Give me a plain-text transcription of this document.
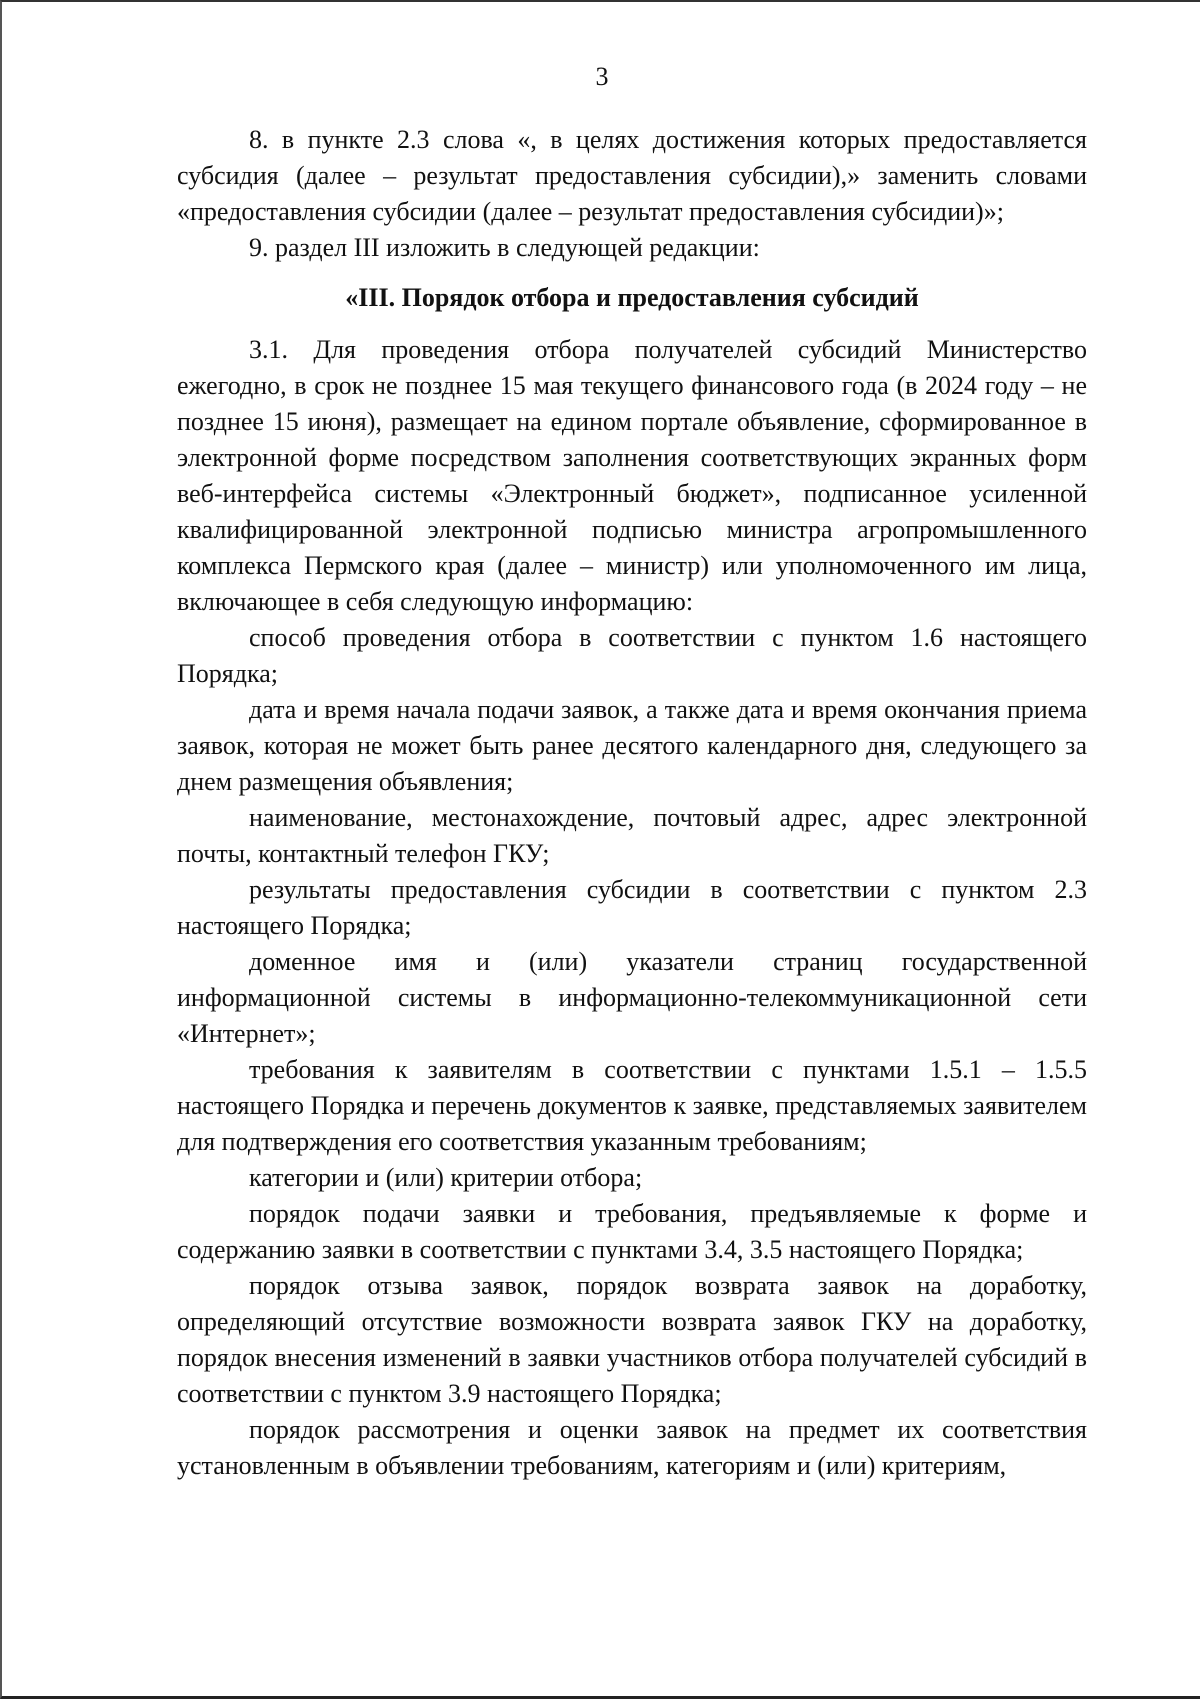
3

8. в пункте 2.3 слова «, в целях достижения которых предоставляется субсидия (далее – результат предоставления субсидии),» заменить словами «предоставления субсидии (далее – результат предоставления субсидии)»;

9. раздел III изложить в следующей редакции:

«III. Порядок отбора и предоставления субсидий

3.1. Для проведения отбора получателей субсидий Министерство ежегодно, в срок не позднее 15 мая текущего финансового года (в 2024 году – не позднее 15 июня), размещает на едином портале объявление, сформированное в электронной форме посредством заполнения соответствующих экранных форм веб-интерфейса системы «Электронный бюджет», подписанное усиленной квалифицированной электронной подписью министра агропромышленного комплекса Пермского края (далее – министр) или уполномоченного им лица, включающее в себя следующую информацию:

способ проведения отбора в соответствии с пунктом 1.6 настоящего Порядка;

дата и время начала подачи заявок, а также дата и время окончания приема заявок, которая не может быть ранее десятого календарного дня, следующего за днем размещения объявления;

наименование, местонахождение, почтовый адрес, адрес электронной почты, контактный телефон ГКУ;

результаты предоставления субсидии в соответствии с пунктом 2.3 настоящего Порядка;

доменное имя и (или) указатели страниц государственной информационной системы в информационно-телекоммуникационной сети «Интернет»;

требования к заявителям в соответствии с пунктами 1.5.1 – 1.5.5 настоящего Порядка и перечень документов к заявке, представляемых заявителем для подтверждения его соответствия указанным требованиям;

категории и (или) критерии отбора;

порядок подачи заявки и требования, предъявляемые к форме и содержанию заявки в соответствии с пунктами 3.4, 3.5 настоящего Порядка;

порядок отзыва заявок, порядок возврата заявок на доработку, определяющий отсутствие возможности возврата заявок ГКУ на доработку, порядок внесения изменений в заявки участников отбора получателей субсидий в соответствии с пунктом 3.9 настоящего Порядка;

порядок рассмотрения и оценки заявок на предмет их соответствия установленным в объявлении требованиям, категориям и (или) критериям,
